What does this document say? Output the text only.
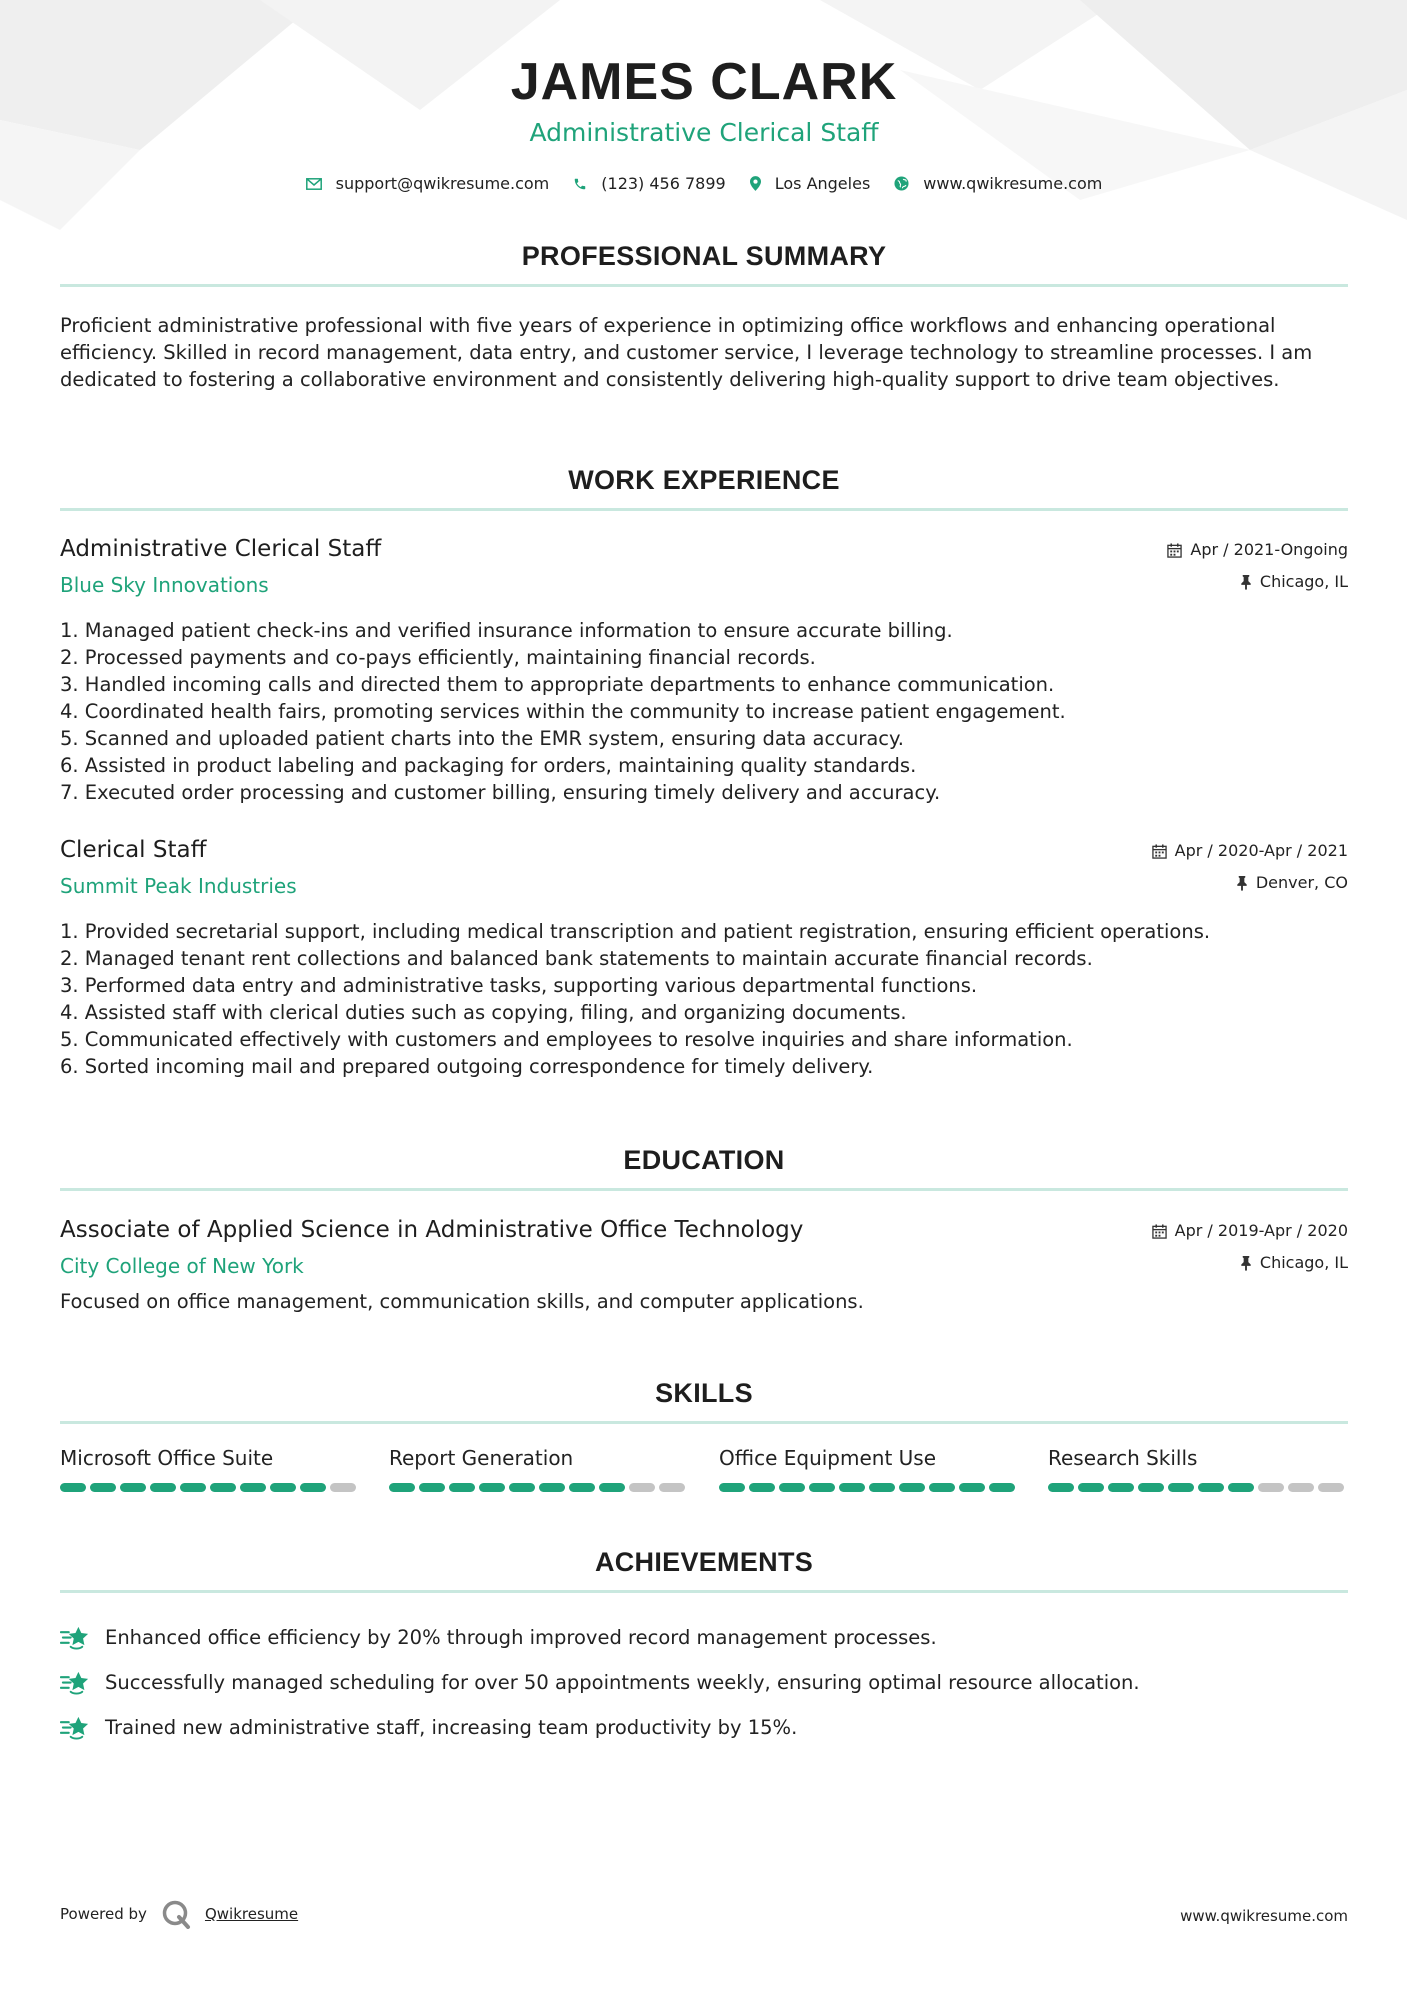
JAMES CLARK
Administrative Clerical Staff
support@qwikresume.com	(123) 456 7899	Los Angeles	www.qwikresume.com
PROFESSIONAL SUMMARY

Proficient administrative professional with five years of experience in optimizing office workflows and enhancing operational efficiency. Skilled in record management, data entry, and customer service, I leverage technology to streamline processes. I am dedicated to fostering a collaborative environment and consistently delivering high-quality support to drive team objectives.

WORK EXPERIENCE
Administrative Clerical Staff
Blue Sky Innovations
Apr / 2021-Ongoing
Chicago, IL
1. Managed patient check-ins and verified insurance information to ensure accurate billing.
2. Processed payments and co-pays efficiently, maintaining financial records.
3. Handled incoming calls and directed them to appropriate departments to enhance communication.
4. Coordinated health fairs, promoting services within the community to increase patient engagement.
5. Scanned and uploaded patient charts into the EMR system, ensuring data accuracy.
6. Assisted in product labeling and packaging for orders, maintaining quality standards.
7. Executed order processing and customer billing, ensuring timely delivery and accuracy.
Clerical Staff
Summit Peak Industries
Apr / 2020-Apr / 2021
Denver, CO
1. Provided secretarial support, including medical transcription and patient registration, ensuring efficient operations.
2. Managed tenant rent collections and balanced bank statements to maintain accurate financial records.
3. Performed data entry and administrative tasks, supporting various departmental functions.
4. Assisted staff with clerical duties such as copying, filing, and organizing documents.
5. Communicated effectively with customers and employees to resolve inquiries and share information.
6. Sorted incoming mail and prepared outgoing correspondence for timely delivery.
EDUCATION
Associate of Applied Science in Administrative Office Technology
City College of New York
Apr / 2019-Apr / 2020
Chicago, IL
Focused on office management, communication skills, and computer applications.
SKILLS
Microsoft Office Suite	Report Generation	Office Equipment Use	Research Skills
ACHIEVEMENTS
Enhanced office efficiency by 20% through improved record management processes.
Successfully managed scheduling for over 50 appointments weekly, ensuring optimal resource allocation.
Trained new administrative staff, increasing team productivity by 15%.
Powered by	Qwikresume	www.qwikresume.com
